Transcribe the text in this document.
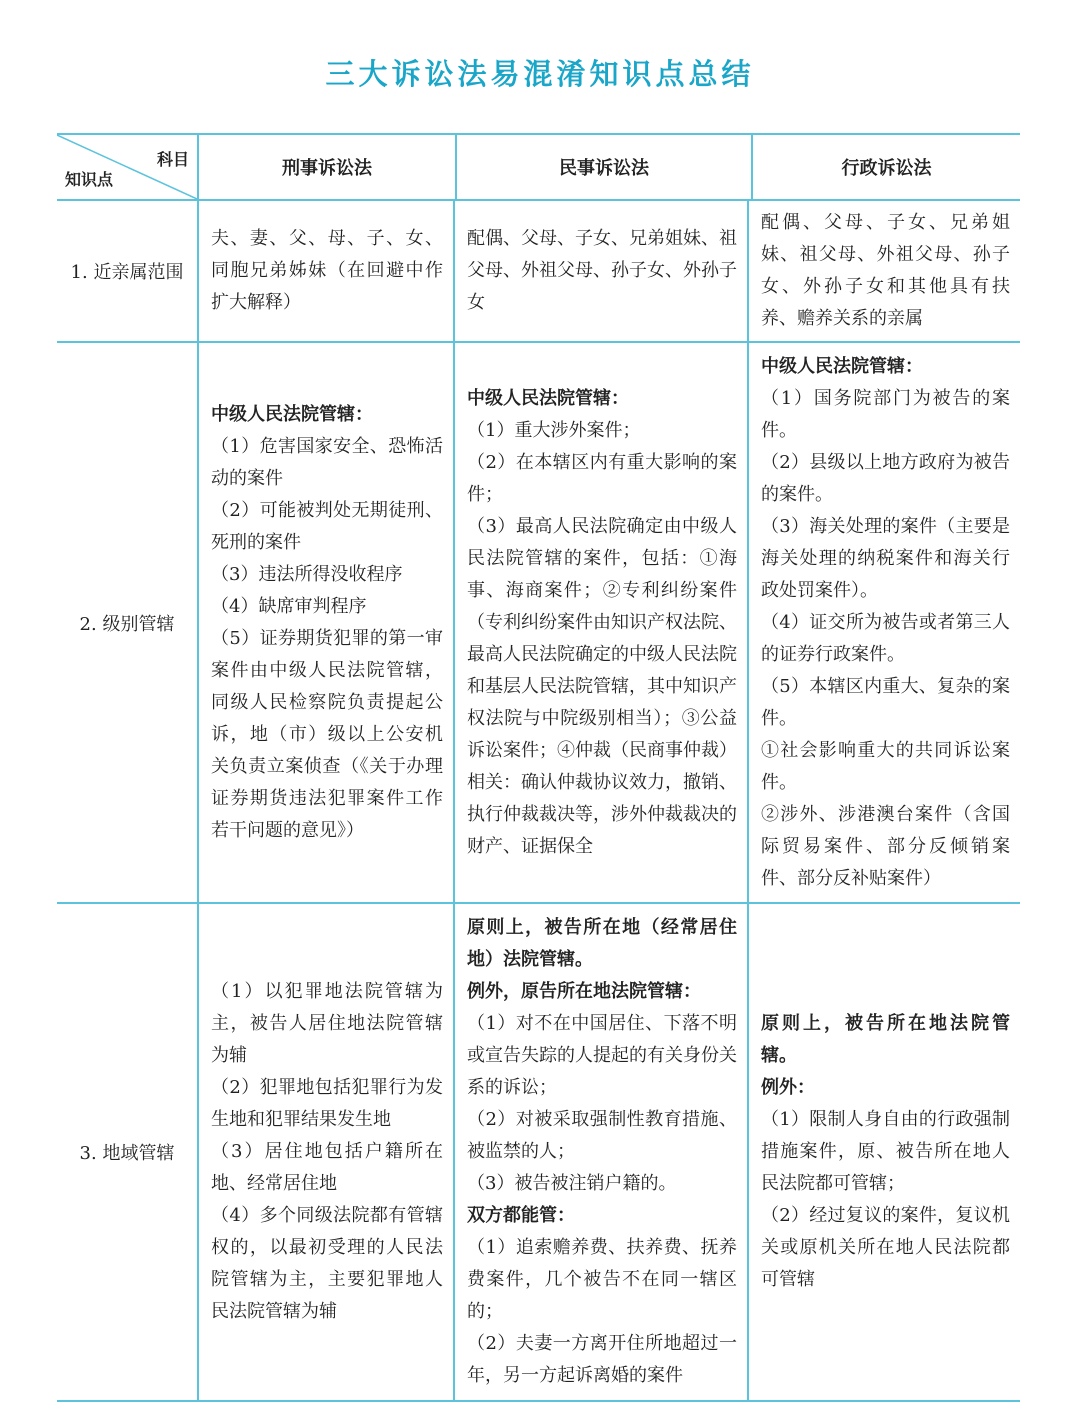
三大诉讼法易混淆知识点总结
科目
知识点
刑事诉讼法	民事诉讼法	行政诉讼法
1. 近亲属范围

夫、妻、父、母、子、女、同胞兄弟姊妹（在回避中作扩大解释）

配偶、父母、子女、兄弟姐妹、祖父母、外祖父母、孙子女、外孙子女

配偶、父母、子女、兄弟姐妹、祖父母、外祖父母、孙子女、外孙子女和其他具有扶养、赡养关系的亲属

2. 级别管辖

中级人民法院管辖：

（1）危害国家安全、恐怖活动的案件

（2）可能被判处无期徒刑、死刑的案件

（3）违法所得没收程序

（4）缺席审判程序

（5）证券期货犯罪的第一审案件由中级人民法院管辖，同级人民检察院负责提起公诉，地（市）级以上公安机关负责立案侦查（《关于办理证券期货违法犯罪案件工作若干问题的意见》）

中级人民法院管辖：

（1）重大涉外案件；

（2）在本辖区内有重大影响的案件；

（3）最高人民法院确定由中级人民法院管辖的案件，包括：①海事、海商案件；②专利纠纷案件（专利纠纷案件由知识产权法院、最高人民法院确定的中级人民法院和基层人民法院管辖，其中知识产权法院与中院级别相当）；③公益诉讼案件；④仲裁（民商事仲裁）相关：确认仲裁协议效力，撤销、执行仲裁裁决等，涉外仲裁裁决的财产、证据保全

中级人民法院管辖：

（1）国务院部门为被告的案件。

（2）县级以上地方政府为被告的案件。

（3）海关处理的案件（主要是海关处理的纳税案件和海关行政处罚案件）。

（4）证交所为被告或者第三人的证券行政案件。

（5）本辖区内重大、复杂的案件。

①社会影响重大的共同诉讼案件。

②涉外、涉港澳台案件（含国际贸易案件、部分反倾销案件、部分反补贴案件）

3. 地域管辖

（1）以犯罪地法院管辖为主，被告人居住地法院管辖为辅

（2）犯罪地包括犯罪行为发生地和犯罪结果发生地

（3）居住地包括户籍所在地、经常居住地

（4）多个同级法院都有管辖权的，以最初受理的人民法院管辖为主，主要犯罪地人民法院管辖为辅

原则上，被告所在地（经常居住地）法院管辖。

例外，原告所在地法院管辖：

（1）对不在中国居住、下落不明或宣告失踪的人提起的有关身份关系的诉讼；

（2）对被采取强制性教育措施、被监禁的人；

（3）被告被注销户籍的。

双方都能管：

（1）追索赡养费、扶养费、抚养费案件，几个被告不在同一辖区的；

（2）夫妻一方离开住所地超过一年，另一方起诉离婚的案件

原则上，被告所在地法院管辖。

例外：

（1）限制人身自由的行政强制措施案件，原、被告所在地人民法院都可管辖；

（2）经过复议的案件，复议机关或原机关所在地人民法院都可管辖
